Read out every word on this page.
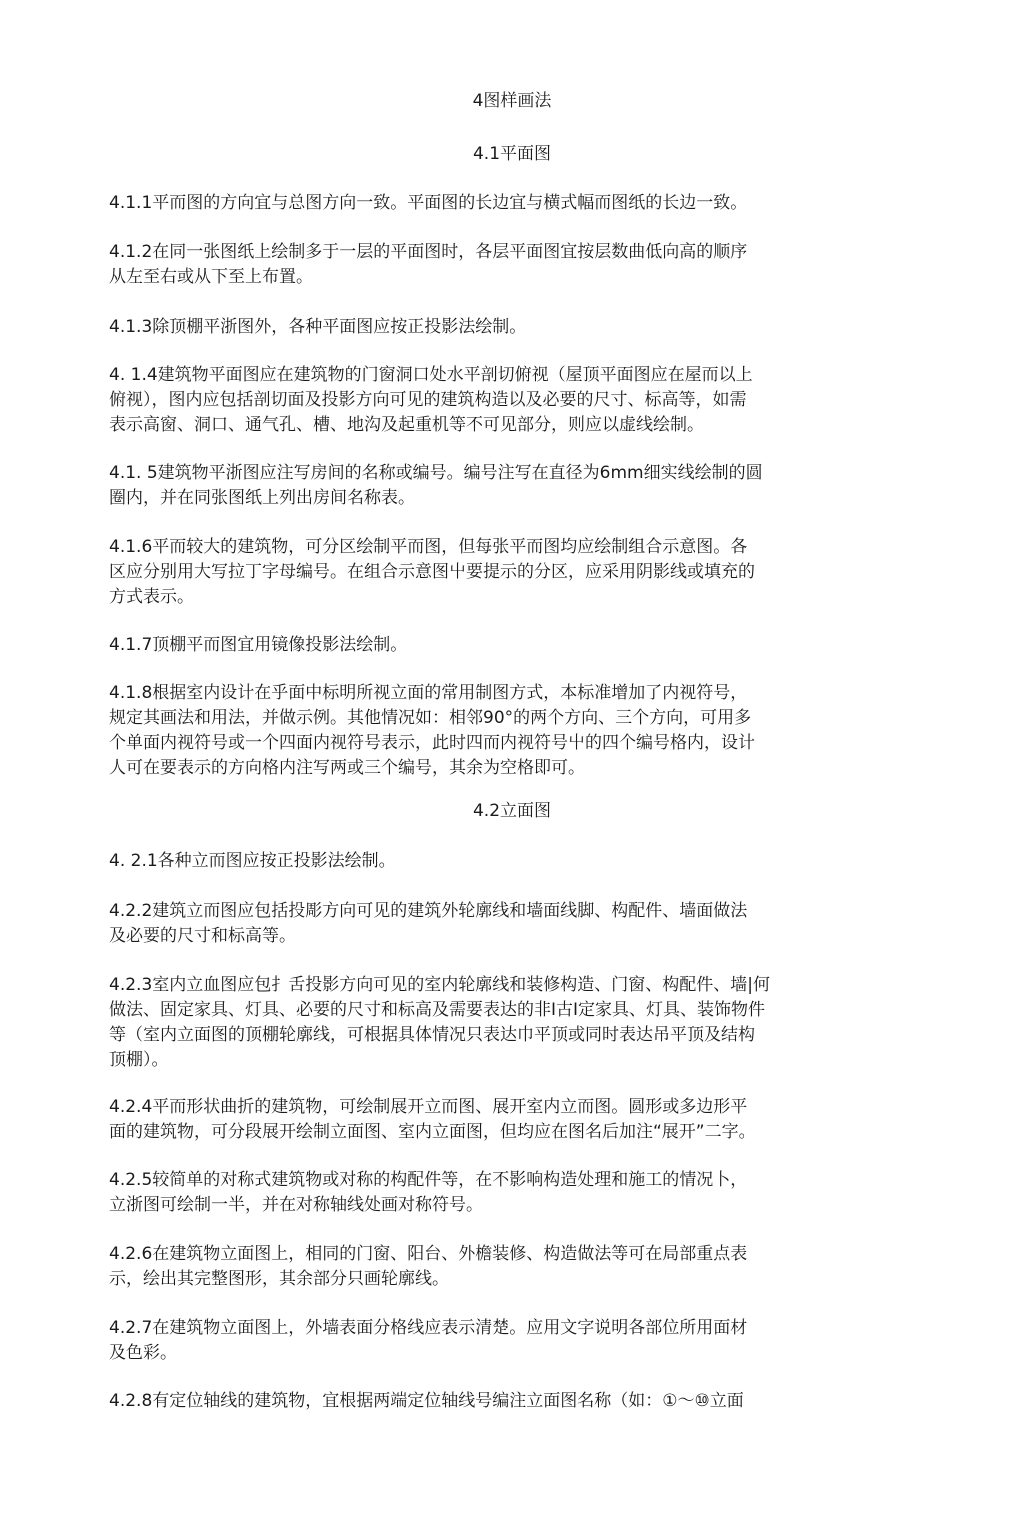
4图样画法
4.1平面图
4.1.1平而图的方向宜与总图方向一致。平面图的长边宜与横式幅而图纸的长边一致。
4.1.2在同一张图纸上绘制多于一层的平面图时，各层平面图宜按层数曲低向高的顺序
从左至右或从下至上布置。
4.1.3除顶棚平浙图外，各种平面图应按正投影法绘制。
4. 1.4建筑物平面图应在建筑物的门窗洞口处水平剖切俯视（屋顶平面图应在屋而以上
俯视），图内应包括剖切面及投影方向可见的建筑构造以及必要的尺寸、标高等，如需
表示高窗、洞口、通气孔、槽、地沟及起重机等不可见部分，则应以虚线绘制。
4.1. 5建筑物平浙图应注写房间的名称或编号。编号注写在直径为6mm细实线绘制的圆
圈内，并在同张图纸上列出房间名称表。
4.1.6平而较大的建筑物，可分区绘制平而图，但每张平而图均应绘制组合示意图。各
区应分别用大写拉丁字母编号。在组合示意图屮要提示的分区，应采用阴影线或填充的
方式表示。
4.1.7顶棚平而图宜用镜像投影法绘制。
4.1.8根据室内设计在乎面中标明所视立面的常用制图方式，本标准增加了内视符号，
规定其画法和用法，并做示例。其他情况如：相邻90°的两个方向、三个方向，可用多
个单面内视符号或一个四面内视符号表示，此时四而内视符号屮的四个编号格内，设计
人可在要表示的方向格内注写两或三个编号，其余为空格即可。
4.2立面图
4. 2.1各种立而图应按正投影法绘制。
4.2.2建筑立而图应包括投彫方向可见的建筑外轮廓线和墙面线脚、构配件、墙面做法
及必要的尺寸和标高等。
4.2.3室内立血图应包扌舌投影方向可见的室内轮廓线和装修构造、门窗、构配件、墙|何
做法、固定家具、灯具、必要的尺寸和标高及需要表达的非I古I定家具、灯具、装饰物件
等（室内立面图的顶棚轮廓线，可根据具体情况只表达巾平顶或同时表达吊平顶及结构
顶棚）。
4.2.4平而形状曲折的建筑物，可绘制展开立而图、展开室内立而图。圆形或多边形平
面的建筑物，可分段展开绘制立面图、室内立面图，但均应在图名后加注“展开”二字。
4.2.5较简单的对称式建筑物或对称的构配件等，在不影响构造处理和施工的情况卜，
立浙图可绘制一半，并在对称轴线处画对称符号。
4.2.6在建筑物立面图上，相同的门窗、阳台、外檐装修、构造做法等可在局部重点表
示，绘出其完整图形，其余部分只画轮廓线。
4.2.7在建筑物立面图上，外墙表面分格线应表示清楚。应用文字说明各部位所用面材
及色彩。
4.2.8有定位轴线的建筑物，宜根据两端定位轴线号编注立面图名称（如：①～⑩立面
